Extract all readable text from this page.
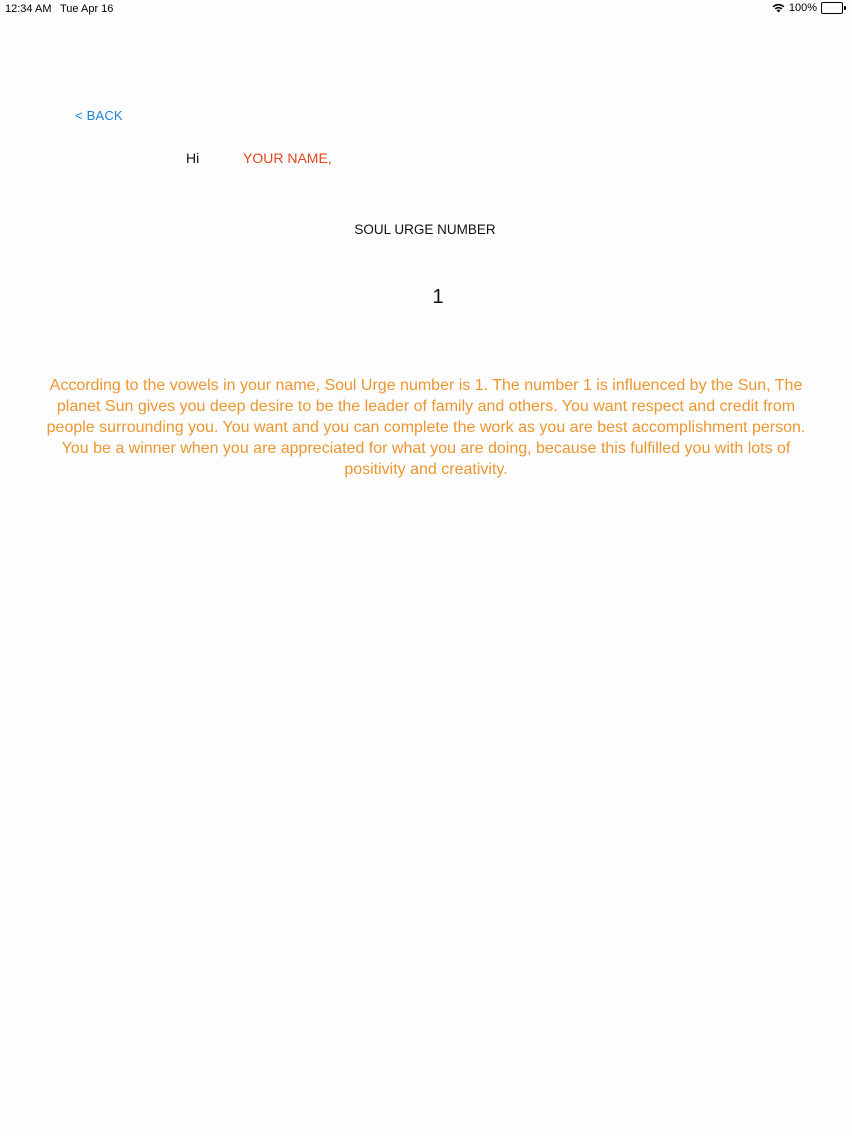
12:34 AM Tue Apr 16	100%
< BACK
Hi	YOUR NAME,
SOUL URGE NUMBER
1
According to the vowels in your name, Soul Urge number is 1. The number 1 is influenced by the Sun, The planet Sun gives you deep desire to be the leader of family and others. You want respect and credit from people surrounding you. You want and you can complete the work as you are best accomplishment person. You be a winner when you are appreciated for what you are doing, because this fulfilled you with lots of positivity and creativity.
